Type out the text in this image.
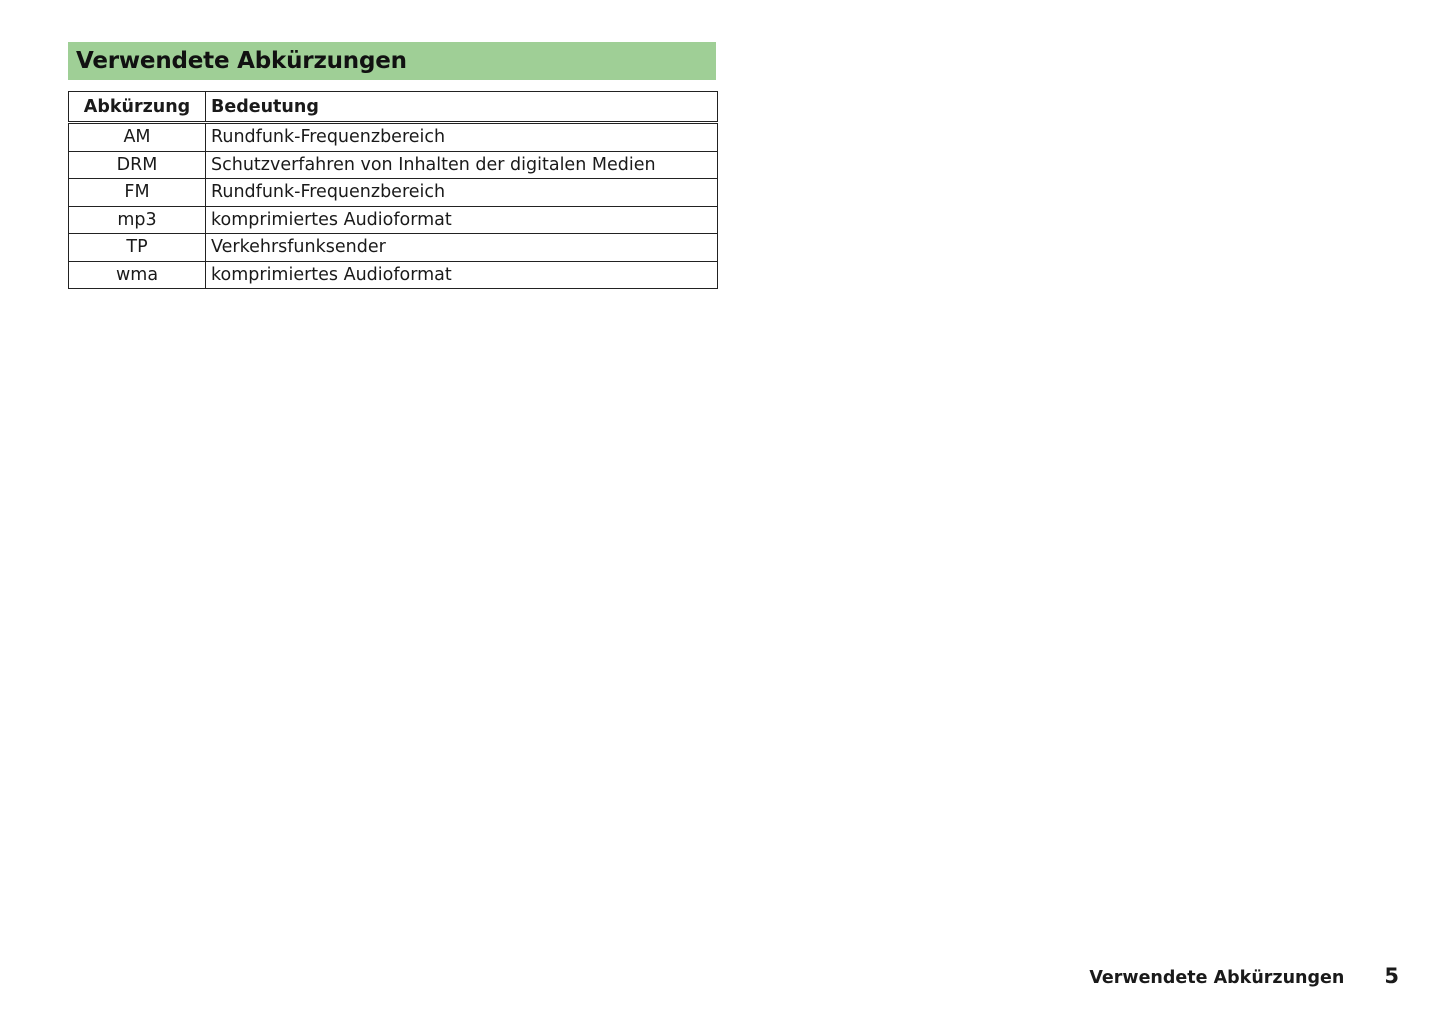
Verwendete Abkürzungen
Abkürzung	Bedeutung
AM	Rundfunk-Frequenzbereich
DRM	Schutzverfahren von Inhalten der digitalen Medien
FM	Rundfunk-Frequenzbereich
mp3	komprimiertes Audioformat
TP	Verkehrsfunksender
wma	komprimiertes Audioformat
Verwendete Abkürzungen 5
